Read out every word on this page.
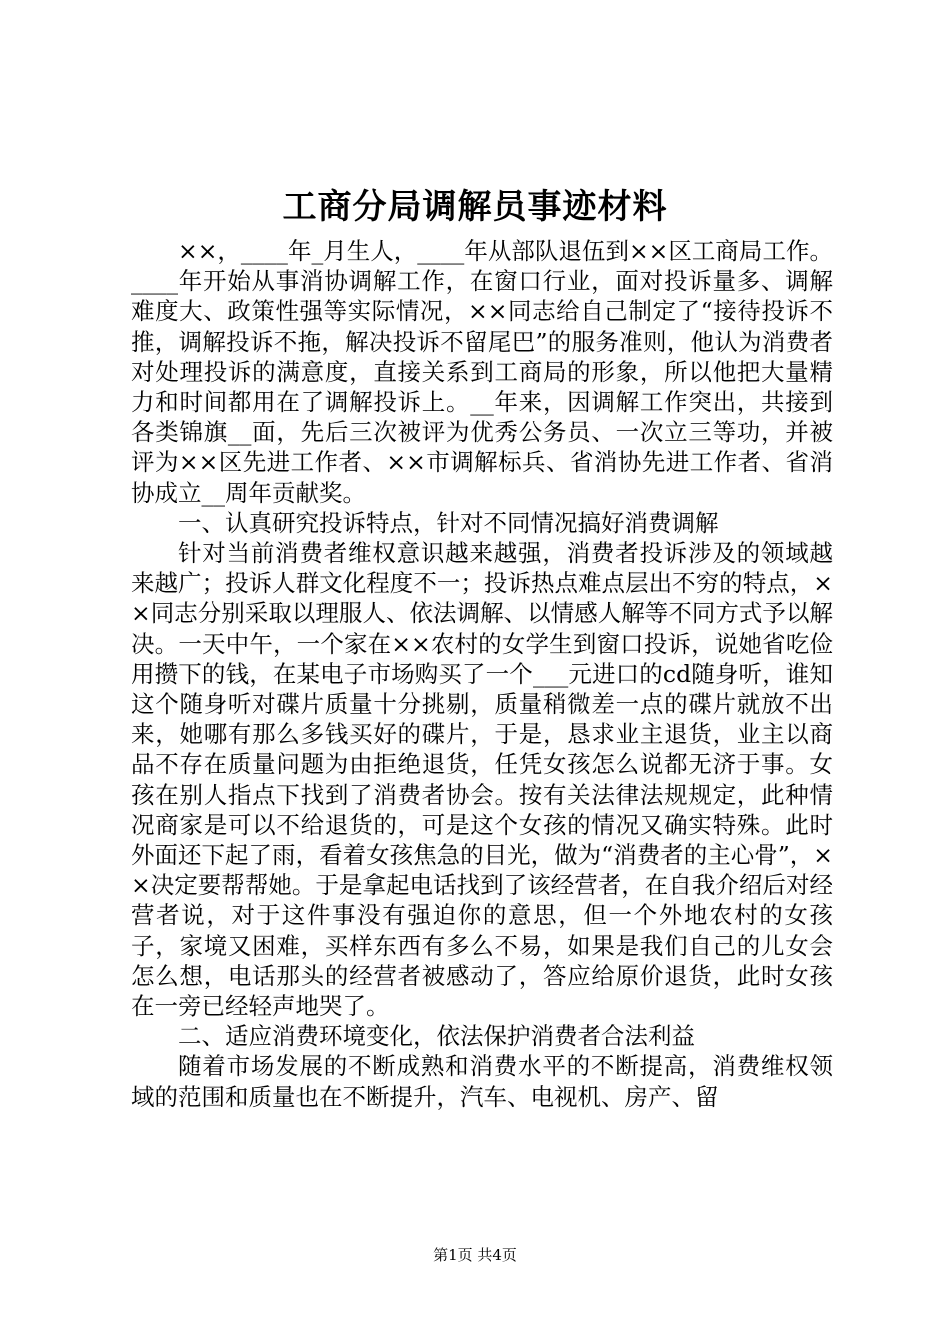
工商分局调解员事迹材料

××，____年_月生人，____年从部队退伍到××区工商局工作。____年开始从事消协调解工作，在窗口行业，面对投诉量多、调解难度大、政策性强等实际情况，××同志给自己制定了“接待投诉不推，调解投诉不拖，解决投诉不留尾巴”的服务准则，他认为消费者对处理投诉的满意度，直接关系到工商局的形象，所以他把大量精力和时间都用在了调解投诉上。__年来，因调解工作突出，共接到各类锦旗__面，先后三次被评为优秀公务员、一次立三等功，并被评为××区先进工作者、××市调解标兵、省消协先进工作者、省消协成立__周年贡献奖。

一、认真研究投诉特点，针对不同情况搞好消费调解

针对当前消费者维权意识越来越强，消费者投诉涉及的领域越来越广；投诉人群文化程度不一；投诉热点难点层出不穷的特点，××同志分别采取以理服人、依法调解、以情感人解等不同方式予以解决。一天中午，一个家在××农村的女学生到窗口投诉，说她省吃俭用攒下的钱，在某电子市场购买了一个___元进口的cd随身听，谁知这个随身听对碟片质量十分挑剔，质量稍微差一点的碟片就放不出来，她哪有那么多钱买好的碟片，于是，恳求业主退货，业主以商品不存在质量问题为由拒绝退货，任凭女孩怎么说都无济于事。女孩在别人指点下找到了消费者协会。按有关法律法规规定，此种情况商家是可以不给退货的，可是这个女孩的情况又确实特殊。此时外面还下起了雨，看着女孩焦急的目光，做为“消费者的主心骨”，××决定要帮帮她。于是拿起电话找到了该经营者，在自我介绍后对经营者说，对于这件事没有强迫你的意思，但一个外地农村的女孩子，家境又困难，买样东西有多么不易，如果是我们自己的儿女会怎么想，电话那头的经营者被感动了，答应给原价退货，此时女孩在一旁已经轻声地哭了。

二、适应消费环境变化，依法保护消费者合法利益

随着市场发展的不断成熟和消费水平的不断提高，消费维权领域的范围和质量也在不断提升，汽车、电视机、房产、留

第1页 共4页
